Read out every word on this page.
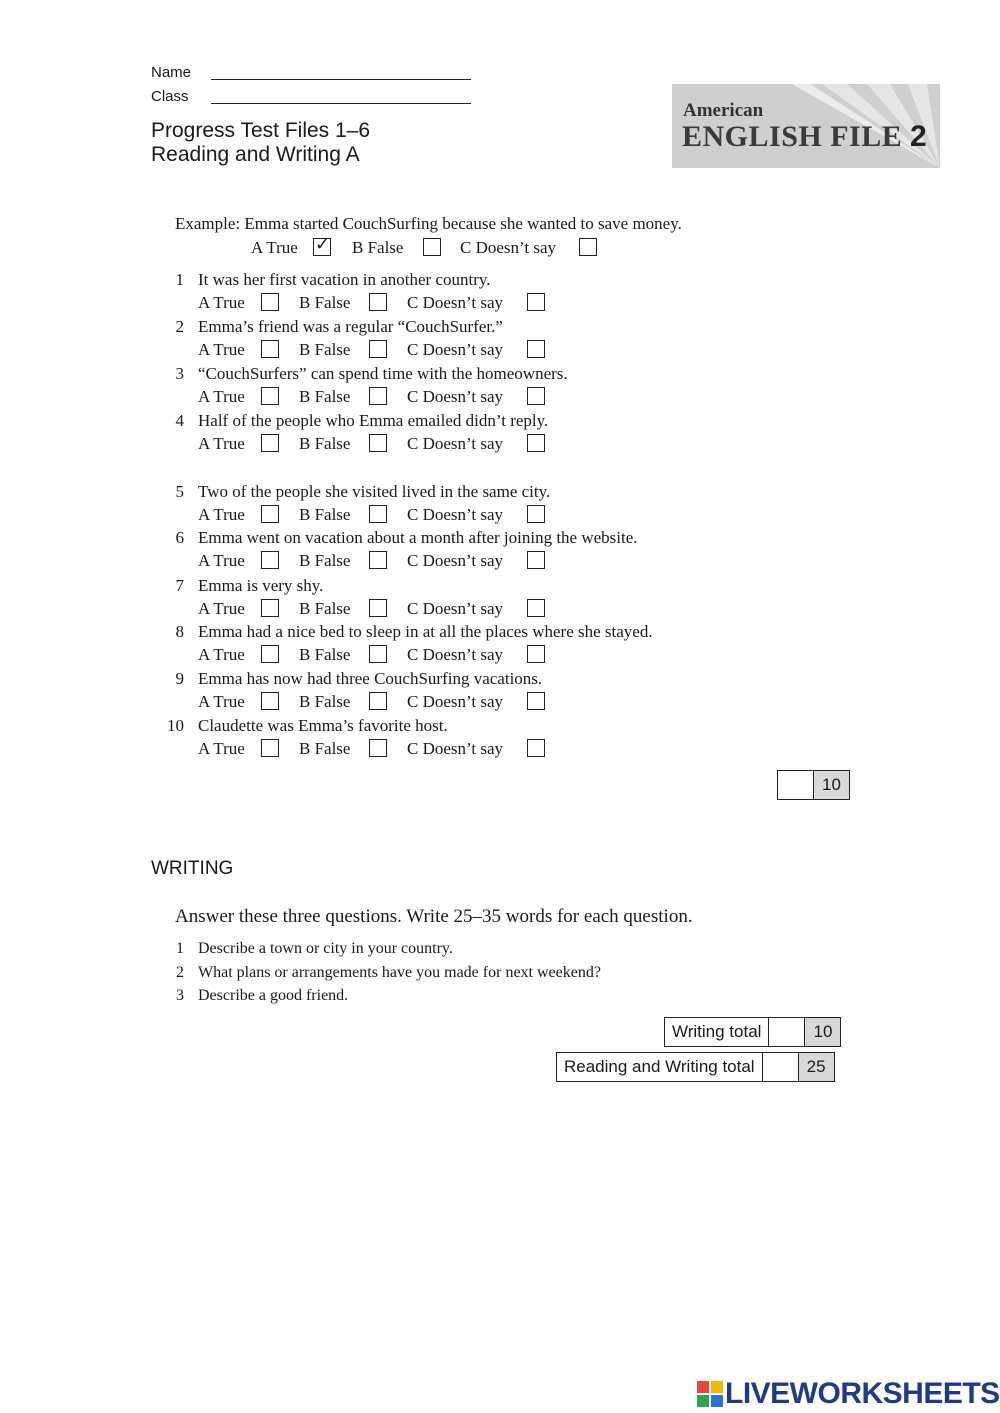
Name
Class
Progress Test Files 1–6
Reading and Writing A
American
ENGLISH FILE 2
Example: Emma started CouchSurfing because she wanted to save money.
A True ✓ B False	C Doesn’t say
1 It was her first vacation in another country.
A True	B False	C Doesn’t say
2 Emma’s friend was a regular “CouchSurfer.”
A True	B False	C Doesn’t say
3 “CouchSurfers” can spend time with the homeowners.
A True	B False	C Doesn’t say
4 Half of the people who Emma emailed didn’t reply.
A True	B False	C Doesn’t say
5 Two of the people she visited lived in the same city.
A True	B False	C Doesn’t say
6 Emma went on vacation about a month after joining the website.
A True	B False	C Doesn’t say
7 Emma is very shy.
A True	B False	C Doesn’t say
8 Emma had a nice bed to sleep in at all the places where she stayed.
A True	B False	C Doesn’t say
9 Emma has now had three CouchSurfing vacations.
A True	B False	C Doesn’t say
10 Claudette was Emma’s favorite host.
A True	B False	C Doesn’t say
10
WRITING
Answer these three questions. Write 25–35 words for each question.
1 Describe a town or city in your country.
2 What plans or arrangements have you made for next weekend?
3 Describe a good friend.
Writing total	10
Reading and Writing total	25
LIVEWORKSHEETS
